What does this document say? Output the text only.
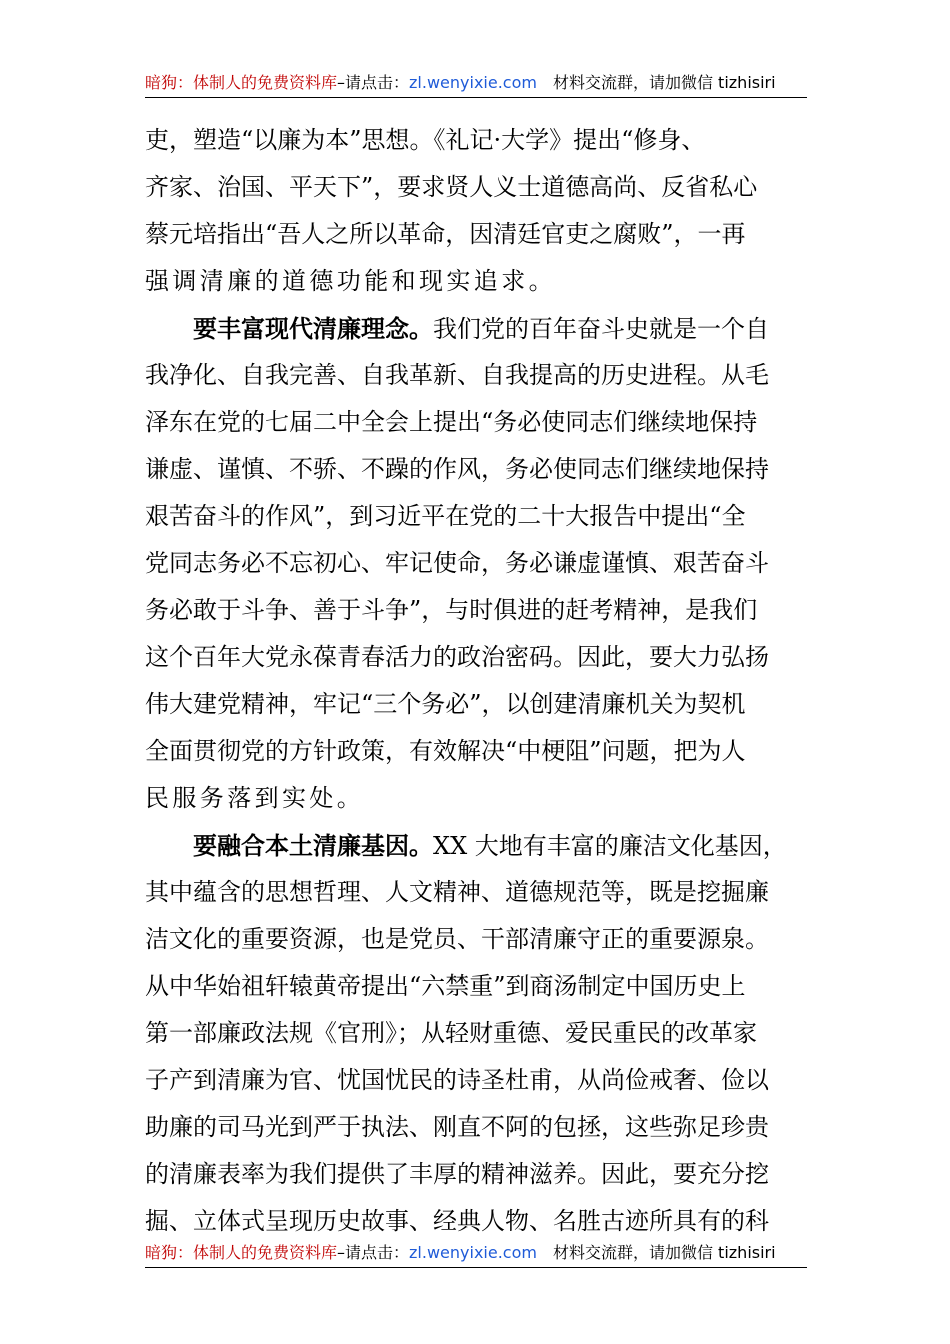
暗狗：体制人的免费资料库–请点击：zl.wenyixie.com 材料交流群，请加微信 tizhisiri
吏，塑造“以廉为本”思想。《礼记·大学》提出“修身、
齐家、治国、平天下”，要求贤人义士道德高尚、反省私心
蔡元培指出“吾人之所以革命，因清廷官吏之腐败”，一再
强调清廉的道德功能和现实追求。
要丰富现代清廉理念。我们党的百年奋斗史就是一个自
我净化、自我完善、自我革新、自我提高的历史进程。从毛
泽东在党的七届二中全会上提出“务必使同志们继续地保持
谦虚、谨慎、不骄、不躁的作风，务必使同志们继续地保持
艰苦奋斗的作风”，到习近平在党的二十大报告中提出“全
党同志务必不忘初心、牢记使命，务必谦虚谨慎、艰苦奋斗
务必敢于斗争、善于斗争”，与时俱进的赶考精神，是我们
这个百年大党永葆青春活力的政治密码。因此，要大力弘扬
伟大建党精神，牢记“三个务必”，以创建清廉机关为契机
全面贯彻党的方针政策，有效解决“中梗阻”问题，把为人
民服务落到实处。
要融合本土清廉基因。XX 大地有丰富的廉洁文化基因，
其中蕴含的思想哲理、人文精神、道德规范等，既是挖掘廉
洁文化的重要资源，也是党员、干部清廉守正的重要源泉。
从中华始祖轩辕黄帝提出“六禁重”到商汤制定中国历史上
第一部廉政法规《官刑》；从轻财重德、爱民重民的改革家
子产到清廉为官、忧国忧民的诗圣杜甫，从尚俭戒奢、俭以
助廉的司马光到严于执法、刚直不阿的包拯，这些弥足珍贵
的清廉表率为我们提供了丰厚的精神滋养。因此，要充分挖
掘、立体式呈现历史故事、经典人物、名胜古迹所具有的科
暗狗：体制人的免费资料库–请点击：zl.wenyixie.com 材料交流群，请加微信 tizhisiri
